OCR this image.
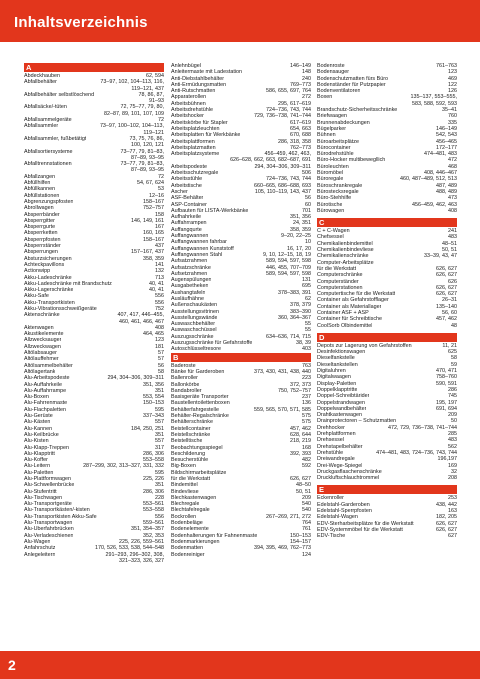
Inhaltsverzeichnis
A
Abdeckhauben	62, 594
Abfallbehälter	73–97, 102, 104–113, 116,
119–121, 437
Abfallbehälter selbstlöschend	78, 86, 87,
91–93
Abfallsäcke/-tüten	72, 75–77, 79, 80,
82–87, 89, 101, 107, 109
Abfallsammelgeräte	72
Abfallsammler	73–97, 100–102, 104–113,
119–121
Abfallsammler, fußbetätigt	73, 75, 76, 86,
100, 120, 121
Abfallsortiersysteme	73–77, 79, 81–83,
87–89, 93–95
Abfalltrennstationen	73–77, 79, 81–83,
87–89, 93–95
Abfallzangen	72
Abfüllhilfen	54, 67, 624
Abfüllkannen	53
Abfüllstationen	12–16
Abgrenzungspfosten	158–167
Abrollwagen	752–757
Absperrbänder	158
Absperrgitter	146, 149, 161
Absperrgurte	167
Absperrketten	160, 165
Absperrpfosten	158–167
Absperrständer	437
Absperrungen	157–167, 437
Absturzsicherungen	358, 359
Achteckpavillons	141
Actionwipp	132
Akku-Ladeschränke	713
Akku-Ladeschränke mit Brandschutz	40, 41
Akku-Lagerschränke	40, 41
Akku-Safe	556
Akku-Transportkisten	556
Akku-Vibrationsschweißgeräte	752
Aktenschränke	407, 417, 446–455,
460, 461, 466, 467
Aktenwagen	408
Akustikelemente	464, 465
Allzwecksauger	123
Allzweckwagen	181
Altölabsauger	57
Altölauffehmer	57
Altölsammelbehälter	56
Altölagertank	58
Alu-Arbeitspodeste	294, 304–306, 309–311
Alu-Auffahrkeile	351, 356
Alu-Auffahrrampe	351
Alu-Boxen	553, 554
Alu-Fahrrenmaste	150–153
Alu-Flachpaletten	595
Alu-Gerüste	337–343
Alu-Kästen	557
Alu-Kannen	184, 250, 251
Alu-Keilbrücke	351
Alu-Kisten	557
Alu-Klapp-Treppen	317
Alu-Klapptritt	286, 306
Alu-Koffer	553–558
Alu-Leitern	287–299, 302, 313–327, 331, 332
Alu-Paletten	595
Alu-Plattformwagen	225, 226
Alu-Schwellenbrücke	351
Alu-Stufentritt	286, 306
Alu-Tischwagen	228
Alu-Transportgeräte	553–561
Alu-Transportkästen/-kisten	553–558
Alu-Transportkisten Akku-Safe	556
Alu-Transportwagen	559–561
Alu-Überfahrbrücken	351, 354–357
Alu-Verladeschienen	352, 353
Alu-Wagen	225, 226, 559–561
Anfahrschutz	170, 526, 533, 538, 544–548
Anlegeleitern	291–293, 296–302, 308,
321–323, 326, 327
Anlehnbügel	146–149
Anleitermaste mit Ladestation	148
Anti-Diebstahlbehälter	240
Anti-Ermüdungsmatten	769–773
Anti-Rutschmatten	586, 655, 697, 764
Apparaterollen	272
Arbeitsbühnen	295, 617–619
Arbeitsdrehstühle	724–736, 743, 744
Arbeitshocker	729, 736–738, 741–744
Arbeitskörbe für Stapler	617–619
Arbeitsplatzleuchten	654, 663
Arbeitsplatten für Werkbänke	670, 688
Arbeitsplattformen	286, 318, 358
Arbeitsplatzmatten	762–773
Arbeitsplatzsysteme	456–459, 462, 463,
626–628, 662, 663, 682–687, 691
Arbeitspodeste	294, 304–306, 309–311
Arbeitsschutzregale	506
Arbeitsstühle	724–736, 743, 744
Arbeitstische	660–665, 686–688, 693
Ascher	105, 110–119, 143, 437
ASF-Behälter	56
ASP-Container	60
Aufbauten für LISTA-Werkbänke	701
Aufhahrkeile	351, 356
Auffahrrampen	24, 351
Auffangqurte	358, 359
Auffangwannen	9–20, 22–25
Auffangwannen fahrbar	10
Auffangwannen Kunststoff	16, 17, 20
Auffangwannen Stahl	9, 10, 12–15, 18, 19
Aufsatzrahmen	589, 594, 597, 598
Aufsatzschränke	446, 455, 707–709
Aufsetzrahmen	589, 594, 597, 598
Augenspülungen	131
Ausgabetheken	695
Aushangtafeln	378–383, 391
Ausläufhähne	62
Außenschaukästen	378, 379
Ausstellungsvitrinen	383–390
Ausstellungswände	360, 364–367
Auswaschbehälter	55
Auswaschschüssel	55
Auszugsschränke	634–636, 714, 715
Auszugsschränke für Gefahrstoffe	38, 39
Autoschlüsseltresore	403
B
Baderoste	763
Bänke für Garderoben	373, 430, 431, 438, 440
Ballenroller	223
Ballonkörbe	372, 373
Bandabroller	750, 752–757
Basisgeräte Transporter	237
Baustellentoilettenboxen	136
Behälterfahrgestelle	559, 565, 570, 571, 585
Behälter-Regalschränke	575
Behälterschränke	575
Beistellcontainer	457, 462
Beistellschränke	628, 644
Beistelltische	218, 219
Beobachtungsspiegel	168
Beschilderung	392, 393
Besucherstühle	482
Big-Boxen	592
Bildschirmarbeitsplätze
für die Werkstatt	626, 627
Bindemittel	48–50
Bindevliese	50, 51
Blechkastenwagen	209
Blechregale	540
Blechtafelregale	540
Bockrollen	267–269, 271, 272
Bodenbeläge	764
Bodenelemente	761
Bodenhalterungen für Fahnenmaste	150–153
Bodenmarkierungen	154–157
Bodenmatten	394, 395, 469, 762–773
Bodenreiniger	124
Bodenroste	761–763
Bodensauger	123
Bodenschutzmatten fürs Büro	469
Bodenständer für Putzpapier	122
Bodenventilatoren	126
Boxen	135–137, 553–555,
583, 588, 592, 593
Brandschutz-Sicherheitsschränke	35–41
Briefwaagen	760
Brunnenabdeckungen	335
Bügelparker	146–149
Bühnen	542, 543
Büroarbeitsplätze	456–465
Bürocontainer	172–177
Bürodrehstühle	474–481, 483
Büro-Hocker multibewegllich	472
Büroleuchten	468
Büromöbel	408, 446–467
Büroregale	460, 487–489, 512, 513
Büroschrankregale	487, 489
Bürostecksregale	488, 489
Büro-Stehhilfe	473
Bürotische	456–459, 462, 463
Bürowagen	408
C
C + C-Wagen	241
Chefsessel	483
Chemikalienbindemittel	48–51
Chemikalienbindevliese	50, 51
Chemikalienschränke	33–39, 43, 47
Computer-Arbeitsplätze
für die Werkstatt	626, 627
Computerschränke	626, 627
Computerständer	626
Computerstationen	626, 627
Computertische für die Werkstatt	626, 627
Container als Gefahrstofflager	26–31
Container als Materiallager	135–140
Container ASF + ASP	56, 60
Container für Schreibtische	457, 462
CoolSorb Ölbindemittel	48
D
Depots zur Lagerung von Gefahrstoffen	11, 21
Desinfektionswagen	625
Dieselfankstelle	58
Dieseltankstellen	59
Digitaluhren	470, 471
Digitalwaagen	758–760
Display-Paletten	590, 591
Doppelklapptritte	286
Doppel-Schreibtärider	745
Doppelstrandwagen	195, 197
Doppelwandbehälter	691, 694
Drahtkastenwagen	209
Drainprotectoren – Schutzmatten	50
Drehhocker	472, 729, 736–738, 741–744
Drehplattformen	285
Drehsessel	483
Drehstapelbehälter	562
Drehstühle	474–481, 483, 724–736, 743, 744
Dreiwandregale	196,197
Drei-Wege-Spiegel	169
Druckgasflaschenschränke	32
Druckluftschlauchtrommel	208
E
Eckenroller	253
Edelstahl-Garderoben	438, 442
Edelstahl-Sperrpfosten	163
Edelstahl-Wagen	182, 205
EDV-Sterharbeitsplätze für die Werkstatt	626, 627
EDV-Systemmöbel für die Werkstatt	626, 627
EDV-Tische	627
2
